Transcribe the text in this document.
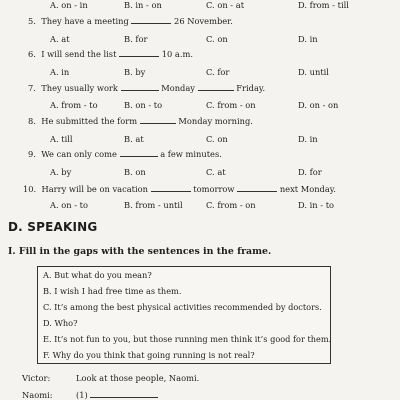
A. on - in	B. in - on	C. on - at	D. from - till
5. They have a meeting	26 November.
A. at	B. for	C. on	D. in
6. I will send the list	10 a.m.
A. in	B. by	C. for	D. until
7. They usually work	Monday	Friday.
A. from - to	B. on - to	C. from - on	D. on - on
8. He submitted the form	Monday morning.
A. till	B. at	C. on	D. in
9. We can only come	a few minutes.
A. by	B. on	C. at	D. for
10. Harry will be on vacation	tomorrow	next Monday.
A. on - to	B. from - until	C. from - on	D. in - to
D. SPEAKING
I. Fill in the gaps with the sentences in the frame.
A. But what do you mean?
B. I wish I had free time as them.
C. It’s among the best physical activities recommended by doctors.
D. Who?
E. It’s not fun to you, but those running men think it’s good for them.
F. Why do you think that going running is not real?
Victor:	Look at those people, Naomi.
Naomi:	(1)
